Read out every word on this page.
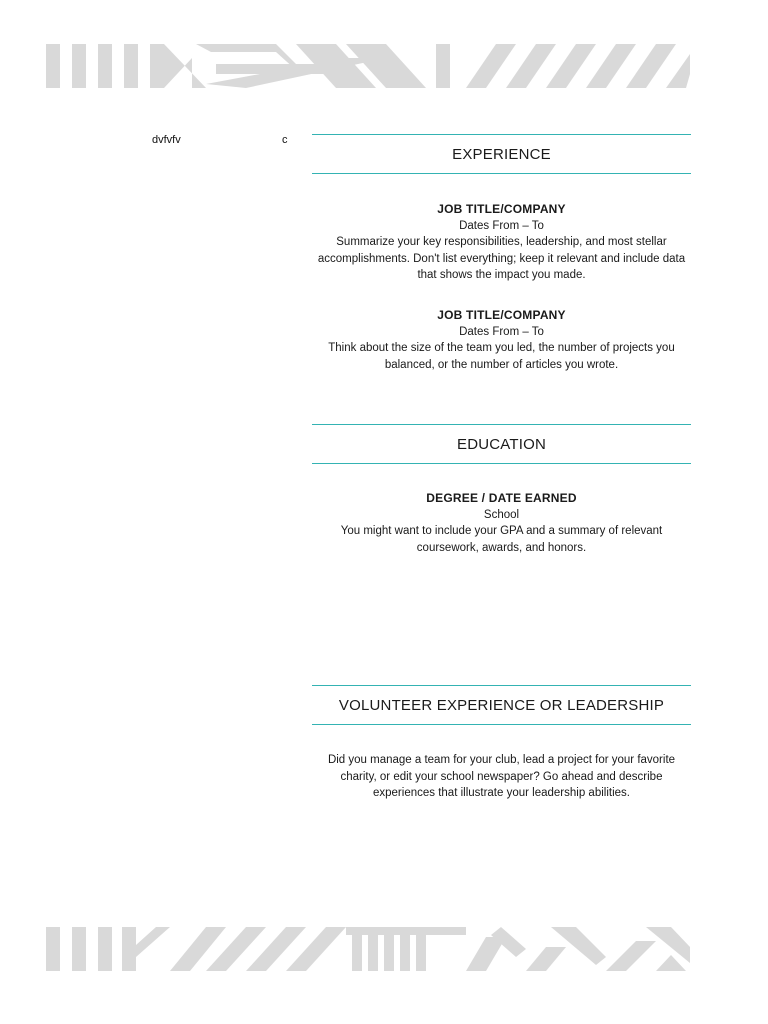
dvfvfv	c
EXPERIENCE
JOB TITLE/COMPANY
Dates From – To
Summarize your key responsibilities, leadership, and most stellar accomplishments. Don't list everything; keep it relevant and include data that shows the impact you made.
JOB TITLE/COMPANY
Dates From – To
Think about the size of the team you led, the number of projects you balanced, or the number of articles you wrote.
EDUCATION
DEGREE / DATE EARNED
School
You might want to include your GPA and a summary of relevant coursework, awards, and honors.
VOLUNTEER EXPERIENCE OR LEADERSHIP
Did you manage a team for your club, lead a project for your favorite charity, or edit your school newspaper? Go ahead and describe experiences that illustrate your leadership abilities.
